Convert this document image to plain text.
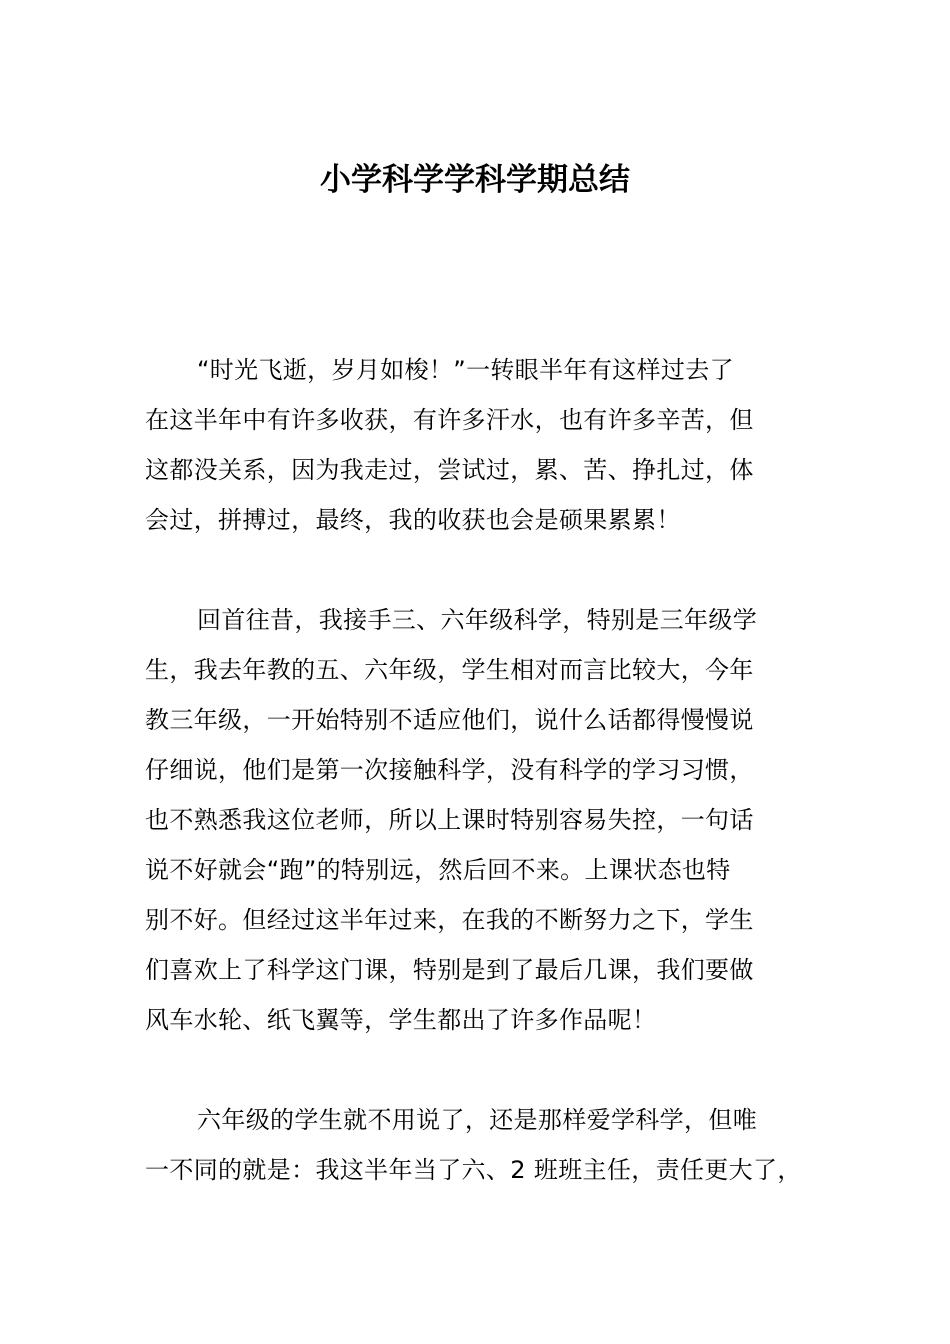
小学科学学科学期总结
“时光飞逝，岁月如梭！”一转眼半年有这样过去了
在这半年中有许多收获，有许多汗水，也有许多辛苦，但
这都没关系，因为我走过，尝试过，累、苦、挣扎过，体
会过，拼搏过，最终，我的收获也会是硕果累累！
回首往昔，我接手三、六年级科学，特别是三年级学
生，我去年教的五、六年级，学生相对而言比较大，今年
教三年级，一开始特别不适应他们，说什么话都得慢慢说
仔细说，他们是第一次接触科学，没有科学的学习习惯，
也不熟悉我这位老师，所以上课时特别容易失控，一句话
说不好就会“跑”的特别远，然后回不来。上课状态也特
别不好。但经过这半年过来，在我的不断努力之下，学生
们喜欢上了科学这门课，特别是到了最后几课，我们要做
风车水轮、纸飞翼等，学生都出了许多作品呢！
六年级的学生就不用说了，还是那样爱学科学，但唯
一不同的就是：我这半年当了六、2 班班主任，责任更大了，
